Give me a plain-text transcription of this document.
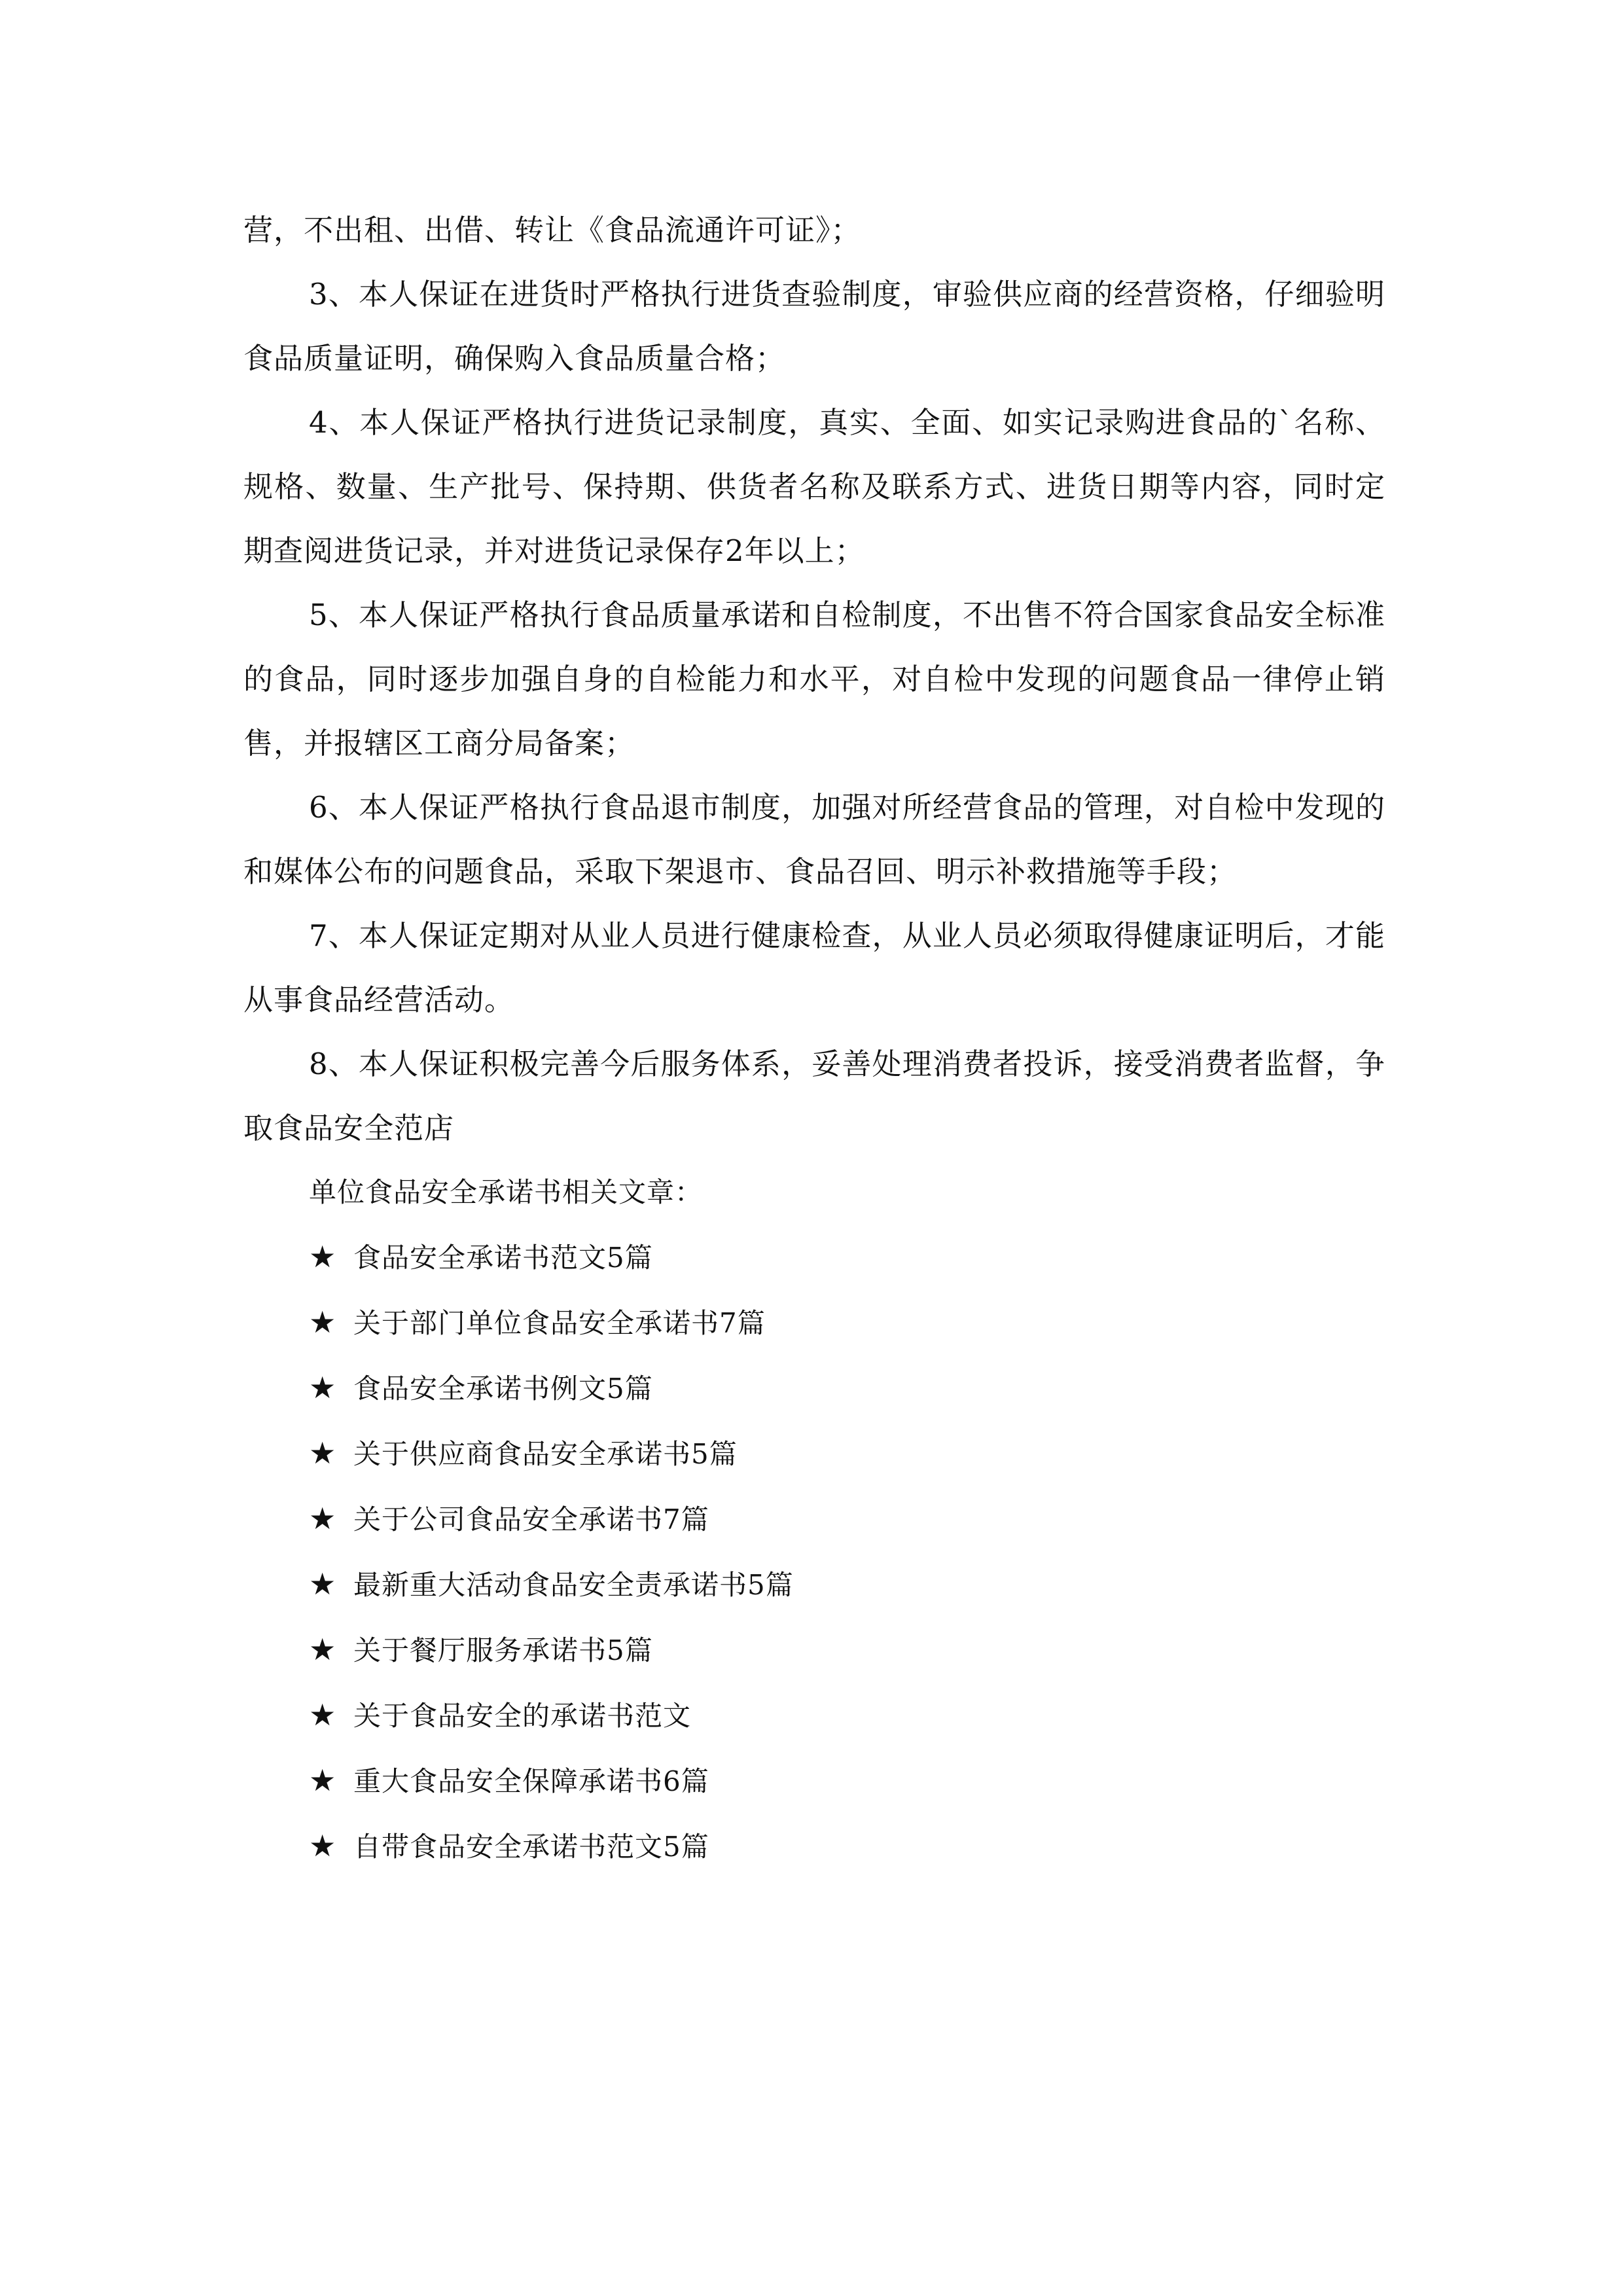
营，不出租、出借、转让《食品流通许可证》；

3、本人保证在进货时严格执行进货查验制度，审验供应商的经营资格，仔细验明食品质量证明，确保购入食品质量合格；

4、本人保证严格执行进货记录制度，真实、全面、如实记录购进食品的`名称、规格、数量、生产批号、保持期、供货者名称及联系方式、进货日期等内容，同时定期查阅进货记录，并对进货记录保存2年以上；

5、本人保证严格执行食品质量承诺和自检制度，不出售不符合国家食品安全标准的食品，同时逐步加强自身的自检能力和水平，对自检中发现的问题食品一律停止销售，并报辖区工商分局备案；

6、本人保证严格执行食品退市制度，加强对所经营食品的管理，对自检中发现的和媒体公布的问题食品，采取下架退市、食品召回、明示补救措施等手段；

7、本人保证定期对从业人员进行健康检查，从业人员必须取得健康证明后，才能从事食品经营活动。

8、本人保证积极完善今后服务体系，妥善处理消费者投诉，接受消费者监督，争取食品安全范店

单位食品安全承诺书相关文章：

★ 食品安全承诺书范文5篇
★ 关于部门单位食品安全承诺书7篇
★ 食品安全承诺书例文5篇
★ 关于供应商食品安全承诺书5篇
★ 关于公司食品安全承诺书7篇
★ 最新重大活动食品安全责承诺书5篇
★ 关于餐厅服务承诺书5篇
★ 关于食品安全的承诺书范文
★ 重大食品安全保障承诺书6篇
★ 自带食品安全承诺书范文5篇
